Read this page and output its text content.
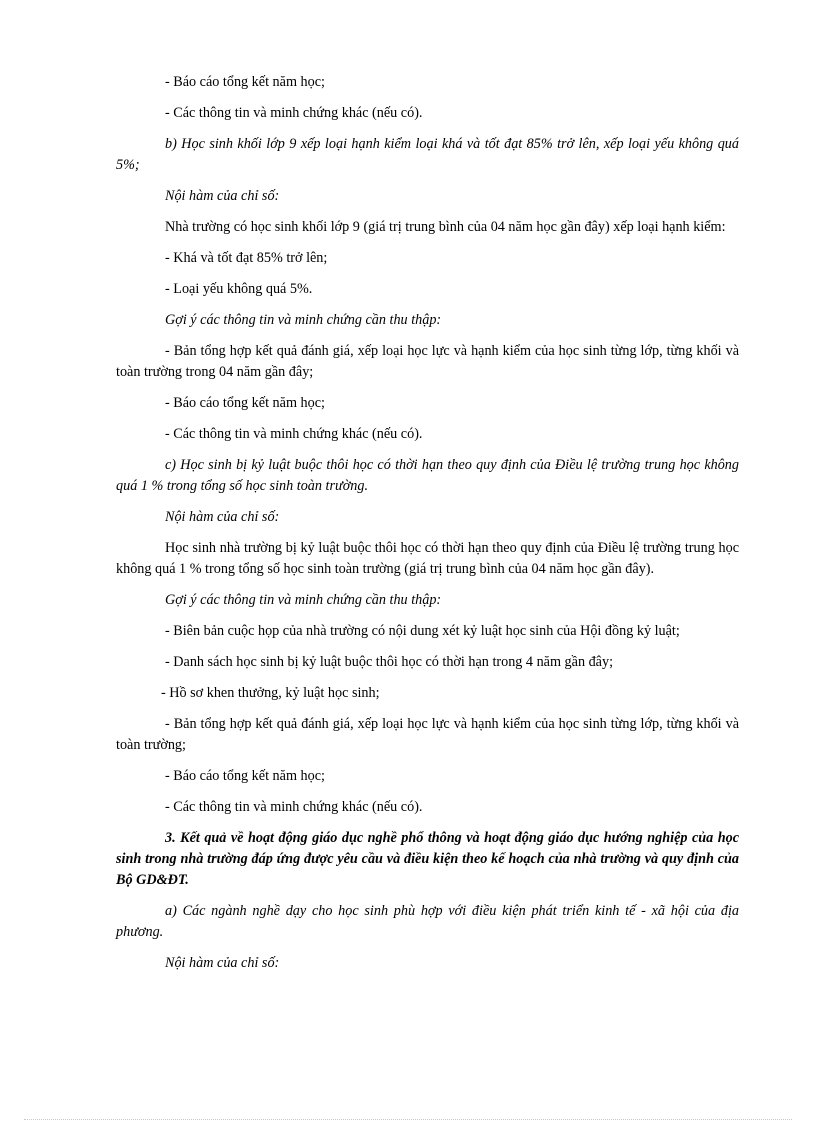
- Báo cáo tổng kết năm học;

- Các thông tin và minh chứng khác (nếu có).

b) Học sinh khối lớp 9 xếp loại hạnh kiểm loại khá và tốt đạt 85% trở lên, xếp loại yếu không quá 5%;

Nội hàm của chỉ số:

Nhà trường có học sinh khối lớp 9 (giá trị trung bình của 04 năm học gần đây) xếp loại hạnh kiểm:

- Khá và tốt đạt 85% trở lên;

- Loại yếu không quá 5%.

Gợi ý các thông tin và minh chứng cần thu thập:

- Bản tổng hợp kết quả đánh giá, xếp loại học lực và hạnh kiểm của học sinh từng lớp, từng khối và toàn trường trong 04 năm gần đây;

- Báo cáo tổng kết năm học;

- Các thông tin và minh chứng khác (nếu có).

c) Học sinh bị kỷ luật buộc thôi học có thời hạn theo quy định của Điều lệ trường trung học không quá 1 % trong tổng số học sinh toàn trường.

Nội hàm của chỉ số:

Học sinh nhà trường bị kỷ luật buộc thôi học có thời hạn theo quy định của Điều lệ trường trung học không quá 1 % trong tổng số học sinh toàn trường (giá trị trung bình của 04 năm học gần đây).

Gợi ý các thông tin và minh chứng cần thu thập:

- Biên bản cuộc họp của nhà trường có nội dung xét kỷ luật học sinh của Hội đồng kỷ luật;

- Danh sách học sinh bị kỷ luật buộc thôi học có thời hạn trong 4 năm gần đây;

- Hồ sơ khen thưởng, kỷ luật học sinh;

- Bản tổng hợp kết quả đánh giá, xếp loại học lực và hạnh kiểm của học sinh từng lớp, từng khối và toàn trường;

- Báo cáo tổng kết năm học;

- Các thông tin và minh chứng khác (nếu có).

3. Kết quả về hoạt động giáo dục nghề phổ thông và hoạt động giáo dục hướng nghiệp của học sinh trong nhà trường đáp ứng được yêu cầu và điều kiện theo kế hoạch của nhà trường và quy định của Bộ GD&ĐT.

a) Các ngành nghề dạy cho học sinh phù hợp với điều kiện phát triển kinh tế - xã hội của địa phương.

Nội hàm của chỉ số:
